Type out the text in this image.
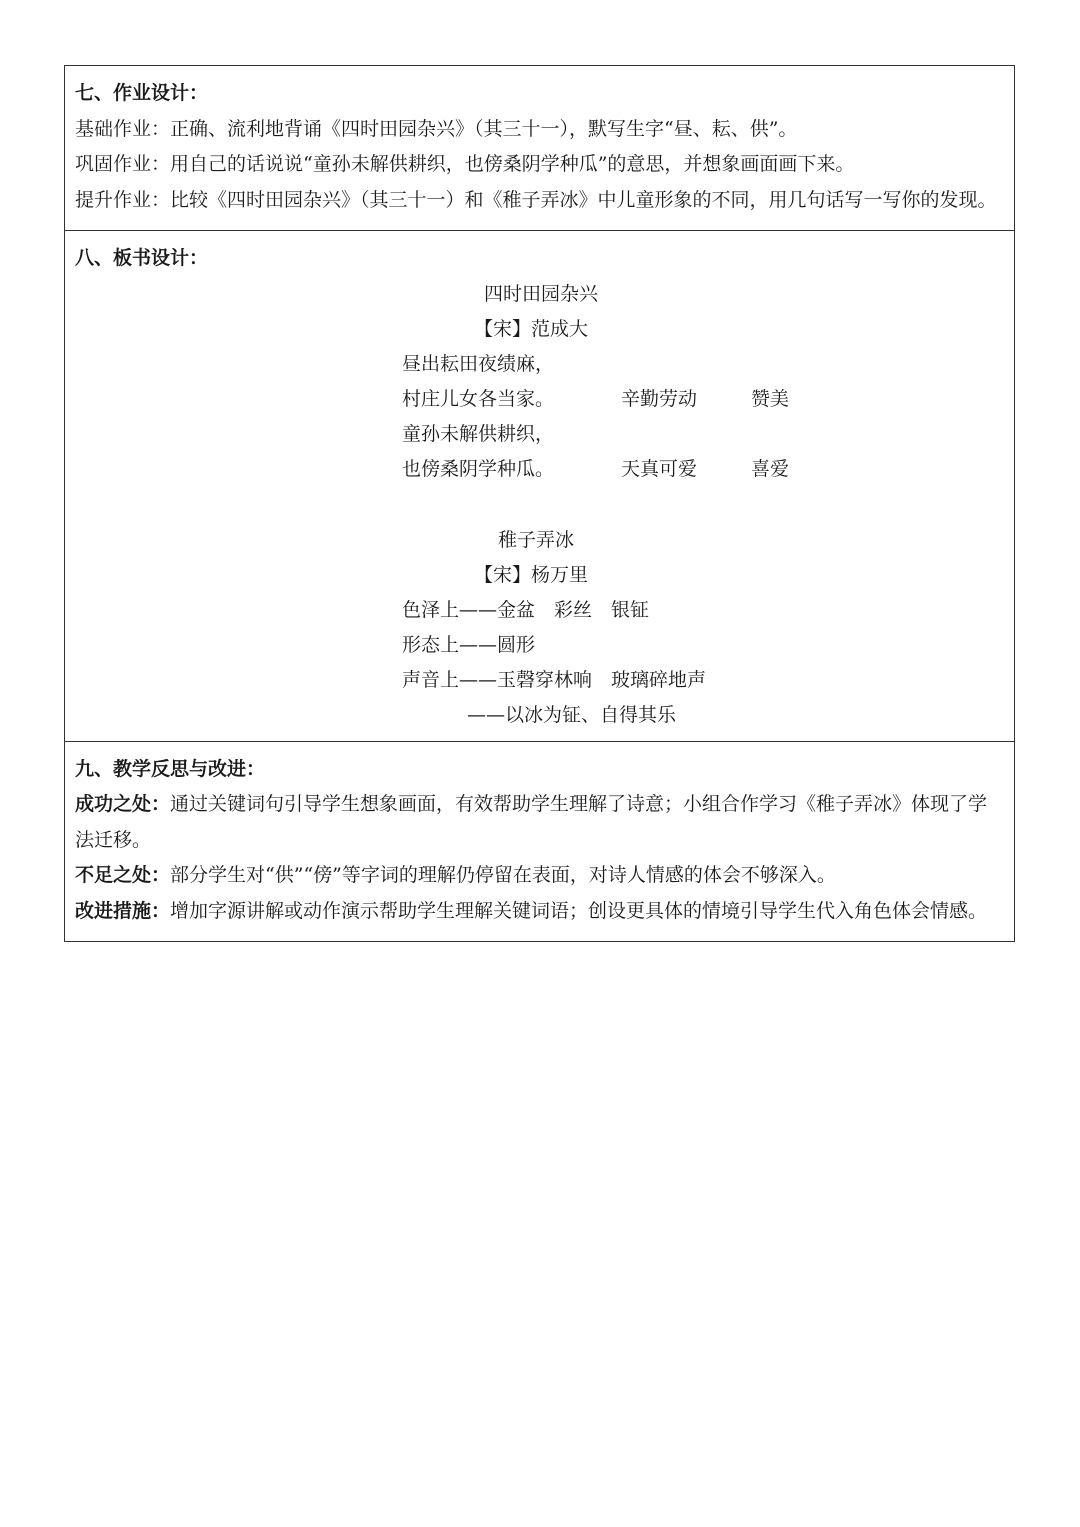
七、作业设计：
基础作业：正确、流利地背诵《四时田园杂兴》（其三十一），默写生字“昼、耘、供”。
巩固作业：用自己的话说说“童孙未解供耕织，也傍桑阴学种瓜”的意思，并想象画面画下来。
提升作业：比较《四时田园杂兴》（其三十一）和《稚子弄冰》中儿童形象的不同，用几句话写一写你的发现。
八、板书设计：
四时田园杂兴
【宋】范成大
昼出耘田夜绩麻，
村庄儿女各当家。	辛勤劳动	赞美
童孙未解供耕织，
也傍桑阴学种瓜。	天真可爱	喜爱
稚子弄冰
【宋】杨万里
色泽上——金盆　彩丝　银钲
形态上——圆形
声音上——玉磬穿林响　玻璃碎地声
——以冰为钲、自得其乐
九、教学反思与改进：
成功之处：通过关键词句引导学生想象画面，有效帮助学生理解了诗意；小组合作学习《稚子弄冰》体现了学法迁移。
不足之处：部分学生对“供”“傍”等字词的理解仍停留在表面，对诗人情感的体会不够深入。
改进措施：增加字源讲解或动作演示帮助学生理解关键词语；创设更具体的情境引导学生代入角色体会情感。
